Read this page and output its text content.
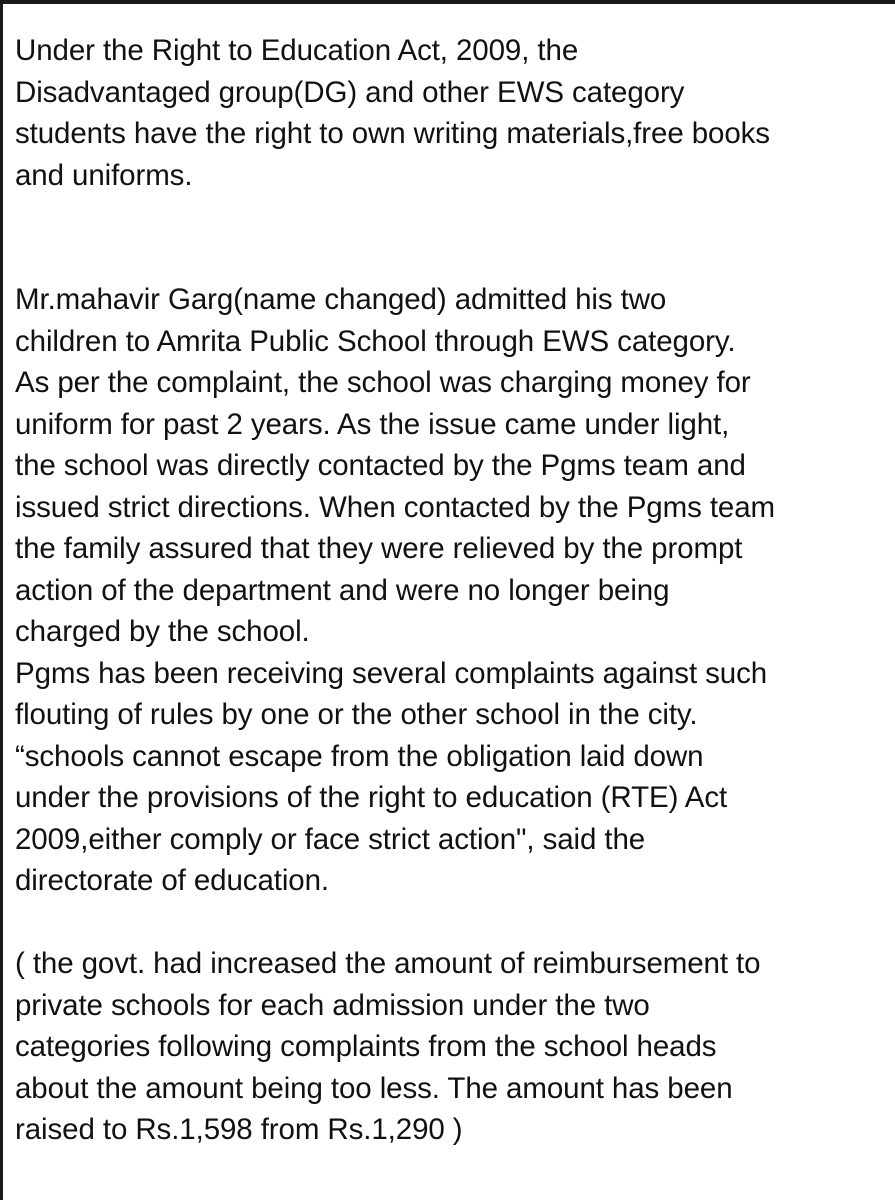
Under the Right to Education Act, 2009, the
Disadvantaged group(DG) and other EWS category
students have the right to own writing materials,free books
and uniforms.
Mr.mahavir Garg(name changed) admitted his two
children to Amrita Public School through EWS category.
As per the complaint, the school was charging money for
uniform for past 2 years. As the issue came under light,
the school was directly contacted by the Pgms team and
issued strict directions. When contacted by the Pgms team
the family assured that they were relieved by the prompt
action of the department and were no longer being
charged by the school.
Pgms has been receiving several complaints against such
flouting of rules by one or the other school in the city.
“schools cannot escape from the obligation laid down
under the provisions of the right to education (RTE) Act
2009,either comply or face strict action", said the
directorate of education.
( the govt. had increased the amount of reimbursement to
private schools for each admission under the two
categories following complaints from the school heads
about the amount being too less. The amount has been
raised to Rs.1,598 from Rs.1,290 )
